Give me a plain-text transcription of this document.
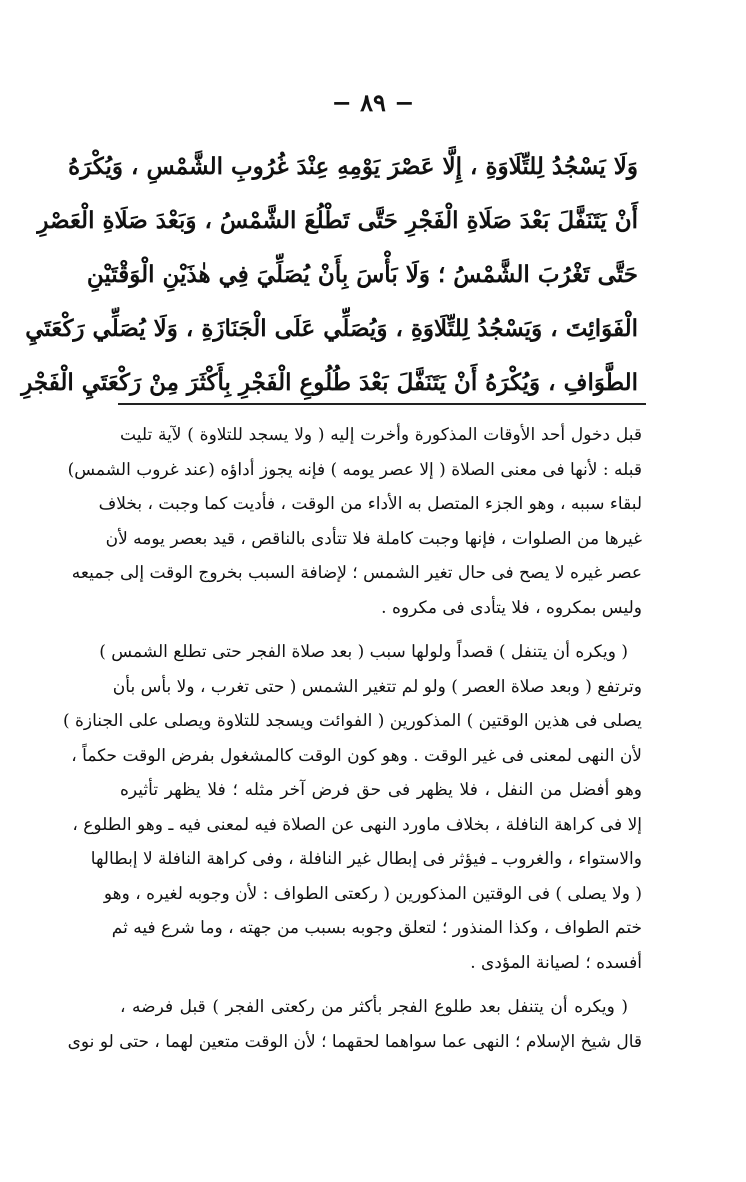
− ٨٩ −
وَلَا يَسْجُدُ لِلتِّلَاوَةِ ، إِلَّا عَصْرَ يَوْمِهِ عِنْدَ غُرُوبِ الشَّمْسِ ، وَيُكْرَهُ
أَنْ يَتَنَفَّلَ بَعْدَ صَلَاةِ الْفَجْرِ حَتَّى تَطْلُعَ الشَّمْسُ ، وَبَعْدَ صَلَاةِ الْعَصْرِ
حَتَّى تَغْرُبَ الشَّمْسُ ؛ وَلَا بَأْسَ بِأَنْ يُصَلِّيَ فِي هٰذَيْنِ الْوَقْتَيْنِ
الْفَوَائِتَ ، وَيَسْجُدُ لِلتِّلَاوَةِ ، وَيُصَلِّي عَلَى الْجَنَازَةِ ، وَلَا يُصَلِّي رَكْعَتَيِ
الطَّوَافِ ، وَيُكْرَهُ أَنْ يَتَنَفَّلَ بَعْدَ طُلُوعِ الْفَجْرِ بِأَكْثَرَ مِنْ رَكْعَتَيِ الْفَجْرِ
قبل دخول أحد الأوقات المذكورة وأخرت إليه ( ولا يسجد للتلاوة ) لآية تليت
قبله : لأنها فى معنى الصلاة ( إلا عصر يومه ) فإنه يجوز أداؤه (عند غروب الشمس)
لبقاء سببه ، وهو الجزء المتصل به الأداء من الوقت ، فأديت كما وجبت ، بخلاف
غيرها من الصلوات ، فإنها وجبت كاملة فلا تتأدى بالناقص ، قيد بعصر يومه لأن
عصر غيره لا يصح فى حال تغير الشمس ؛ لإضافة السبب بخروج الوقت إلى جميعه
وليس بمكروه ، فلا يتأدى فى مكروه .
( ويكره أن يتنفل ) قصداً ولولها سبب ( بعد صلاة الفجر حتى تطلع الشمس )
وترتفع ( وبعد صلاة العصر ) ولو لم تتغير الشمس ( حتى تغرب ، ولا بأس بأن
يصلى فى هذين الوقتين ) المذكورين ( الفوائت ويسجد للتلاوة ويصلى على الجنازة )
لأن النهى لمعنى فى غير الوقت . وهو كون الوقت كالمشغول بفرض الوقت حكماً ،
وهو أفضل من النفل ، فلا يظهر فى حق فرض آخر مثله ؛ فلا يظهر تأثيره
إلا فى كراهة النافلة ، بخلاف ماورد النهى عن الصلاة فيه لمعنى فيه ـ وهو الطلوع ،
والاستواء ، والغروب ـ فيؤثر فى إبطال غير النافلة ، وفى كراهة النافلة لا إبطالها
( ولا يصلى ) فى الوقتين المذكورين ( ركعتى الطواف : لأن وجوبه لغيره ، وهو
ختم الطواف ، وكذا المنذور ؛ لتعلق وجوبه بسبب من جهته ، وما شرع فيه ثم
أفسده ؛ لصيانة المؤدى .
( ويكره أن يتنفل بعد طلوع الفجر بأكثر من ركعتى الفجر ) قبل فرضه ،
قال شيخ الإسلام ؛ النهى عما سواهما لحقهما ؛ لأن الوقت متعين لهما ، حتى لو نوى
